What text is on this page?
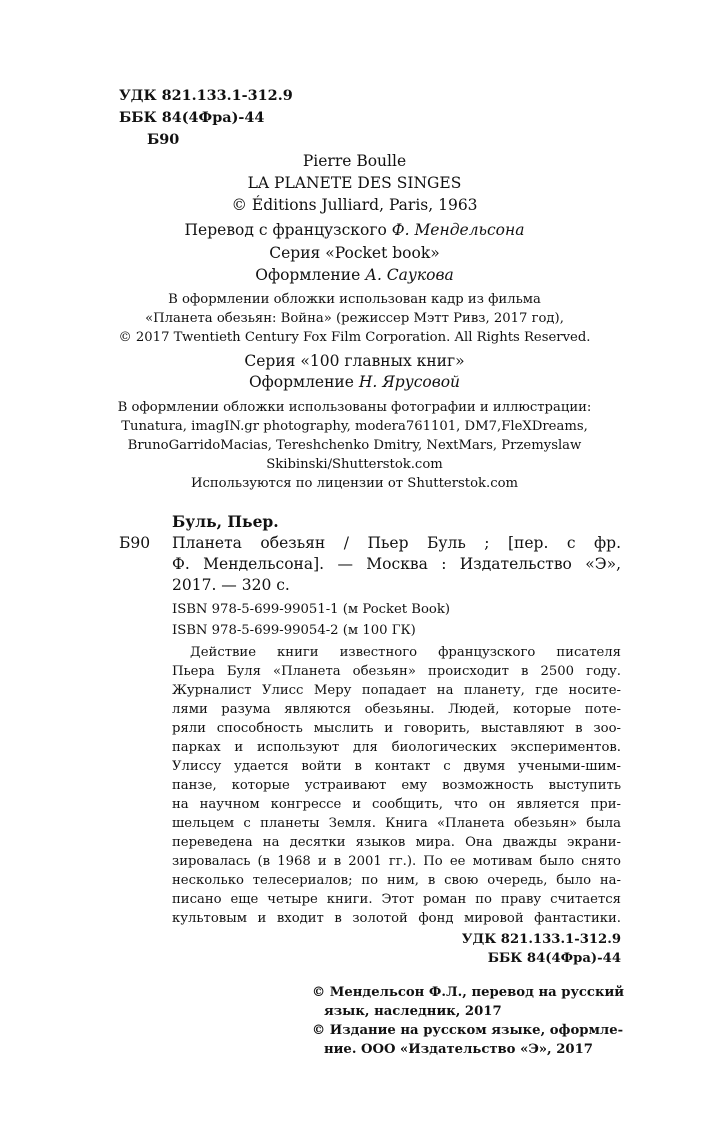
УДК 821.133.1-312.9
ББК 84(4Фра)-44
Б90
Pierre Boulle
LA PLANETE DES SINGES
© Éditions Julliard, Paris, 1963
Перевод с французского Ф. Мендельсона
Серия «Pocket book»
Оформление А. Саукова
В оформлении обложки использован кадр из фильма
«Планета обезьян: Война» (режиссер Мэтт Ривз, 2017 год),
© 2017 Twentieth Century Fox Film Corporation. All Rights Reserved.
Серия «100 главных книг»
Оформление Н. Ярусовой
В оформлении обложки использованы фотографии и иллюстрации:
Tunatura, imagIN.gr photography, modera761101, DM7,FleXDreams,
BrunoGarridoMacias, Tereshchenko Dmitry, NextMars, Przemyslaw
Skibinski/Shutterstok.com
Используются по лицензии от Shutterstok.com
Буль, Пьер.
Б90 Планета обезьян / Пьер Буль ; [пер. с фр.
Ф. Мендельсона]. — Москва : Издательство «Э»,
2017. — 320 с.
ISBN 978-5-699-99051-1 (м Pocket Book)
ISBN 978-5-699-99054-2 (м 100 ГК)
Действие книги известного французского писателя
Пьера Буля «Планета обезьян» происходит в 2500 году.
Журналист Улисс Меру попадает на планету, где носите-
лями разума являются обезьяны. Людей, которые поте-
ряли способность мыслить и говорить, выставляют в зоо-
парках и используют для биологических экспериментов.
Улиссу удается войти в контакт с двумя учеными-шим-
панзе, которые устраивают ему возможность выступить
на научном конгрессе и сообщить, что он является при-
шельцем с планеты Земля. Книга «Планета обезьян» была
переведена на десятки языков мира. Она дважды экрани-
зировалась (в 1968 и в 2001 гг.). По ее мотивам было снято
несколько телесериалов; по ним, в свою очередь, было на-
писано еще четыре книги. Этот роман по праву считается
культовым и входит в золотой фонд мировой фантастики.
УДК 821.133.1-312.9
ББК 84(4Фра)-44
© Мендельсон Ф.Л., перевод на русский
язык, наследник, 2017
© Издание на русском языке, оформле-
ние. ООО «Издательство «Э», 2017
